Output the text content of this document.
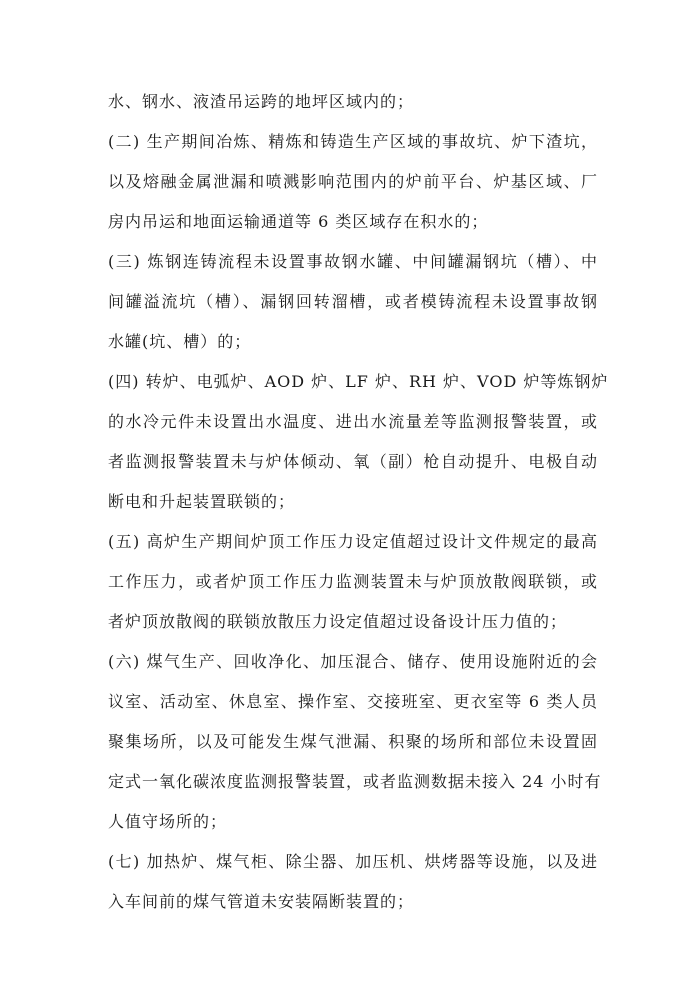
水、钢水、液渣吊运跨的地坪区域内的；
(二) 生产期间冶炼、精炼和铸造生产区域的事故坑、炉下渣坑，
以及熔融金属泄漏和喷溅影响范围内的炉前平台、炉基区域、厂
房内吊运和地面运输通道等 6 类区域存在积水的；
(三) 炼钢连铸流程未设置事故钢水罐、中间罐漏钢坑（槽）、中
间罐溢流坑（槽）、漏钢回转溜槽，或者模铸流程未设置事故钢
水罐(坑、槽）的；
(四) 转炉、电弧炉、AOD 炉、LF 炉、RH 炉、VOD 炉等炼钢炉
的水冷元件未设置出水温度、进出水流量差等监测报警装置，或
者监测报警装置未与炉体倾动、氧（副）枪自动提升、电极自动
断电和升起装置联锁的；
(五) 高炉生产期间炉顶工作压力设定值超过设计文件规定的最高
工作压力，或者炉顶工作压力监测装置未与炉顶放散阀联锁，或
者炉顶放散阀的联锁放散压力设定值超过设备设计压力值的；
(六) 煤气生产、回收净化、加压混合、储存、使用设施附近的会
议室、活动室、休息室、操作室、交接班室、更衣室等 6 类人员
聚集场所，以及可能发生煤气泄漏、积聚的场所和部位未设置固
定式一氧化碳浓度监测报警装置，或者监测数据未接入 24 小时有
人值守场所的；
(七) 加热炉、煤气柜、除尘器、加压机、烘烤器等设施，以及进
入车间前的煤气管道未安装隔断装置的；
